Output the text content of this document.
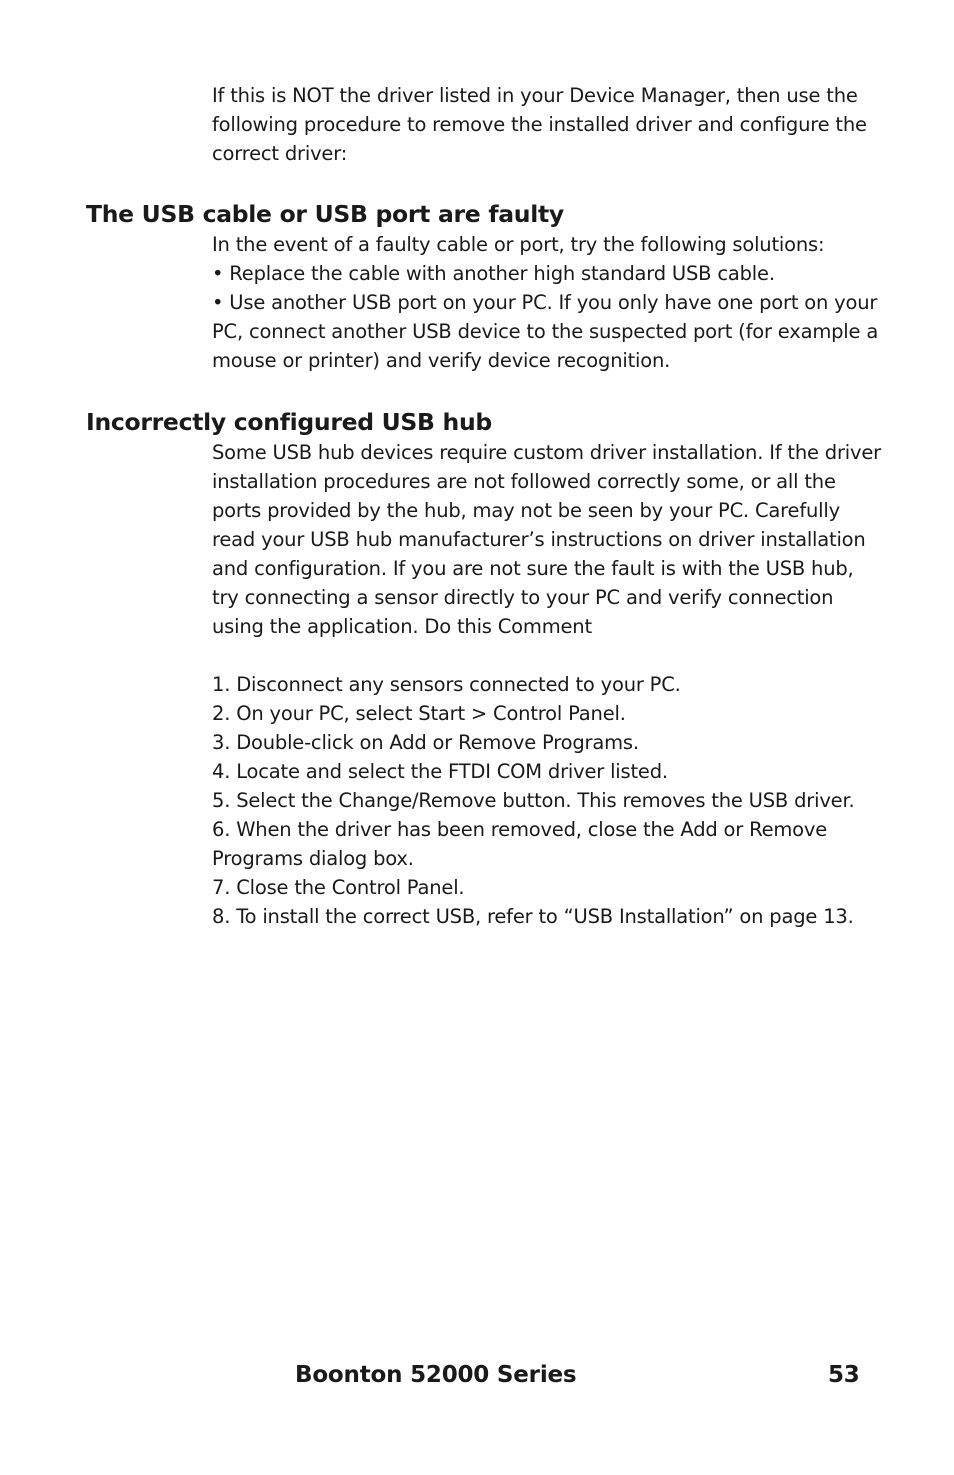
If this is NOT the driver listed in your Device Manager, then use the
following procedure to remove the installed driver and configure the
correct driver:

The USB cable or USB port are faulty

In the event of a faulty cable or port, try the following solutions:
• Replace the cable with another high standard USB cable.
• Use another USB port on your PC. If you only have one port on your
PC, connect another USB device to the suspected port (for example a
mouse or printer) and verify device recognition.

Incorrectly configured USB hub

Some USB hub devices require custom driver installation. If the driver
installation procedures are not followed correctly some, or all the
ports provided by the hub, may not be seen by your PC. Carefully
read your USB hub manufacturer’s instructions on driver installation
and configuration. If you are not sure the fault is with the USB hub,
try connecting a sensor directly to your PC and verify connection
using the application. Do this Comment

1. Disconnect any sensors connected to your PC.
2. On your PC, select Start > Control Panel.
3. Double-click on Add or Remove Programs.
4. Locate and select the FTDI COM driver listed.
5. Select the Change/Remove button. This removes the USB driver.
6. When the driver has been removed, close the Add or Remove
Programs dialog box.
7. Close the Control Panel.
8. To install the correct USB, refer to “USB Installation” on page 13.

Boonton 52000 Series	53
